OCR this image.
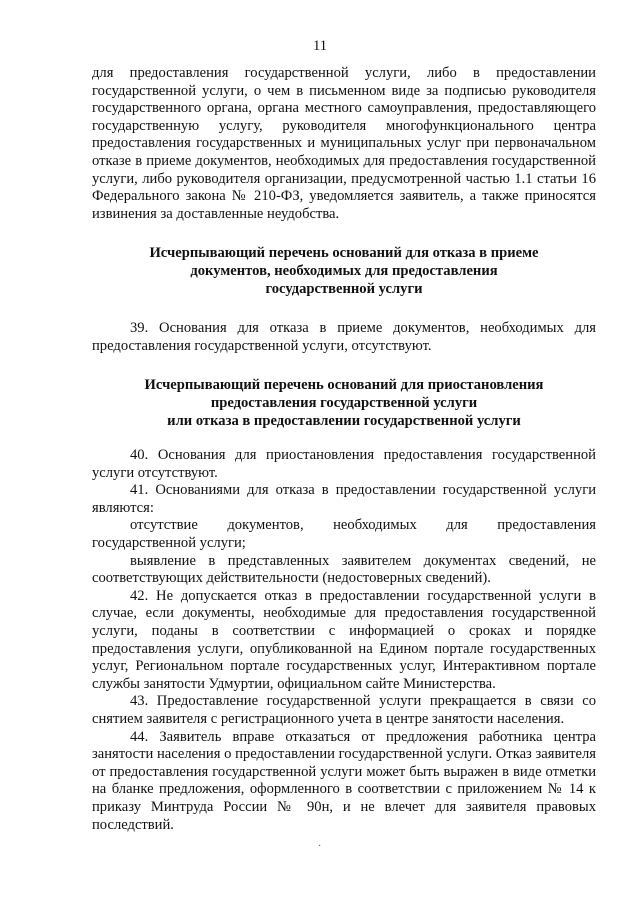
11

для предоставления государственной услуги, либо в предоставлении государственной услуги, о чем в письменном виде за подписью руководителя государственного органа, органа местного самоуправления, предоставляющего государственную услугу, руководителя многофункционального центра предоставления государственных и муниципальных услуг при первоначальном отказе в приеме документов, необходимых для предоставления государственной услуги, либо руководителя организации, предусмотренной частью 1.1 статьи 16 Федерального закона № 210-ФЗ, уведомляется заявитель, а также приносятся извинения за доставленные неудобства.

Исчерпывающий перечень оснований для отказа в приеме

документов, необходимых для предоставления

государственной услуги

39. Основания для отказа в приеме документов, необходимых для предоставления государственной услуги, отсутствуют.

Исчерпывающий перечень оснований для приостановления

предоставления государственной услуги

или отказа в предоставлении государственной услуги

40. Основания для приостановления предоставления государственной услуги отсутствуют.

41. Основаниями для отказа в предоставлении государственной услуги являются:

отсутствие документов, необходимых для предоставления государственной услуги;

выявление в представленных заявителем документах сведений, не соответствующих действительности (недостоверных сведений).

42. Не допускается отказ в предоставлении государственной услуги в случае, если документы, необходимые для предоставления государственной услуги, поданы в соответствии с информацией о сроках и порядке предоставления услуги, опубликованной на Едином портале государственных услуг, Региональном портале государственных услуг, Интерактивном портале службы занятости Удмуртии, официальном сайте Министерства.

43. Предоставление государственной услуги прекращается в связи со снятием заявителя с регистрационного учета в центре занятости населения.

44. Заявитель вправе отказаться от предложения работника центра занятости населения о предоставлении государственной услуги. Отказ заявителя от предоставления государственной услуги может быть выражен в виде отметки на бланке предложения, оформленного в соответствии с приложением № 14 к приказу Минтруда России № 90н, и не влечет для заявителя правовых последствий.

·
